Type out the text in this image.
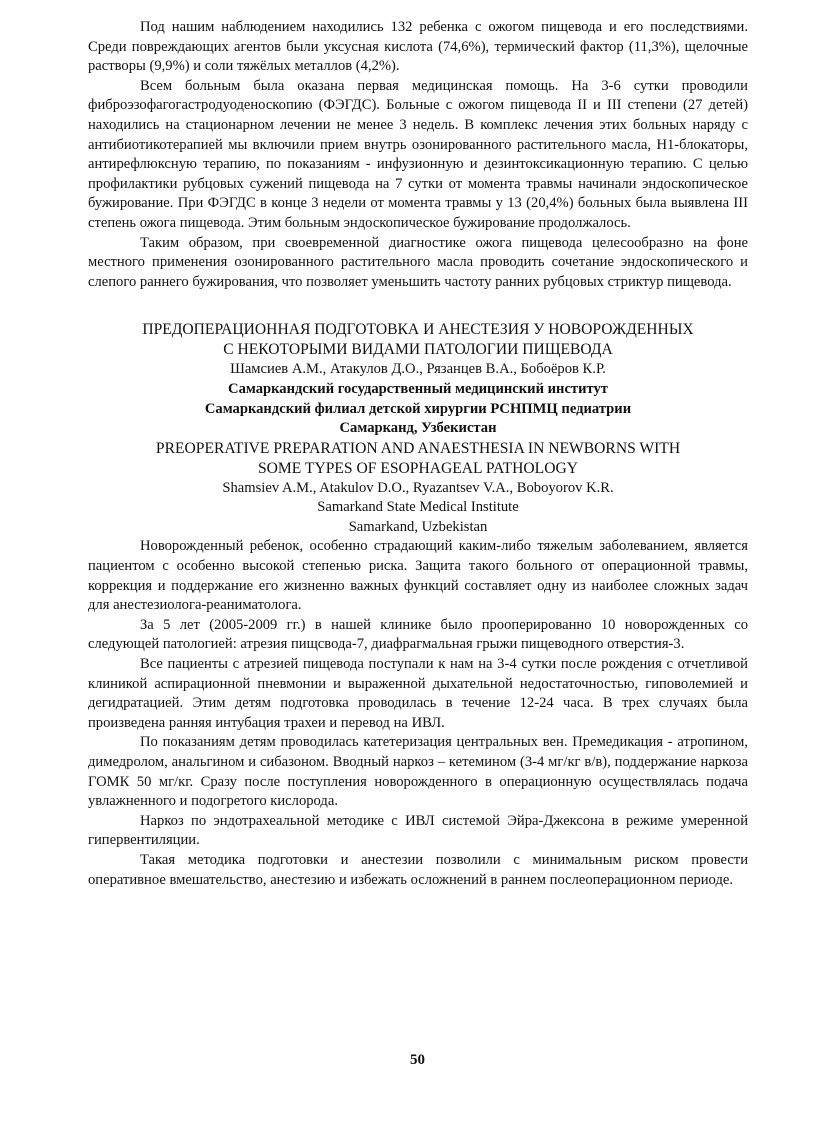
Под нашим наблюдением находились 132 ребенка с ожогом пищевода и его последствиями. Среди повреждающих агентов были уксусная кислота (74,6%), термический фактор (11,3%), щелочные растворы (9,9%) и соли тяжёлых металлов (4,2%).

Всем больным была оказана первая медицинская помощь. На 3-6 сутки проводили фиброэзофагогастродуоденоскопию (ФЭГДС). Больные с ожогом пищевода II и III степени (27 детей) находились на стационарном лечении не менее 3 недель. В комплекс лечения этих больных наряду с антибиотикотерапией мы включили прием внутрь озонированного растительного масла, Н1-блокаторы, антирефлюксную терапию, по показаниям - инфузионную и дезинтоксикационную терапию. С целью профилактики рубцовых сужений пищевода на 7 сутки от момента травмы начинали эндоскопическое бужирование. При ФЭГДС в конце 3 недели от момента травмы у 13 (20,4%) больных была выявлена III степень ожога пищевода. Этим больным эндоскопическое бужирование продолжалось.

Таким образом, при своевременной диагностике ожога пищевода целесообразно на фоне местного применения озонированного растительного масла проводить сочетание эндоскопического и слепого раннего бужирования, что позволяет уменьшить частоту ранних рубцовых стриктур пищевода.

ПРЕДОПЕРАЦИОННАЯ ПОДГОТОВКА И АНЕСТЕЗИЯ У НОВОРОЖДЕННЫХ
С НЕКОТОРЫМИ ВИДАМИ ПАТОЛОГИИ ПИЩЕВОДА
Шамсиев А.М., Атакулов Д.О., Рязанцев В.А., Бобоёров К.Р.
Самаркандский государственный медицинский институт
Самаркандский филиал детской хирургии РСНПМЦ педиатрии
Самарканд, Узбекистан
PREOPERATIVE PREPARATION AND ANAESTHESIA IN NEWBORNS WITH
SOME TYPES OF ESOPHAGEAL PATHOLOGY
Shamsiev A.M., Atakulov D.O., Ryazantsev V.A., Boboyorov K.R.
Samarkand State Medical Institute
Samarkand, Uzbekistan

Новорожденный ребенок, особенно страдающий каким-либо тяжелым заболеванием, является пациентом с особенно высокой степенью риска. Защита такого больного от операционной травмы, коррекция и поддержание его жизненно важных функций составляет одну из наиболее сложных задач для анестезиолога-реаниматолога.

За 5 лет (2005-2009 гг.) в нашей клинике было прооперированно 10 новорожденных со следующей патологией: атрезия пищсвода-7, диафрагмальная грыжи пищеводного отверстия-3.

Все пациенты с атрезией пищевода поступали к нам на 3-4 сутки после рождения с отчетливой клиникой аспирационной пневмонии и выраженной дыхательной недостаточностью, гиповолемией и дегидратацией. Этим детям подготовка проводилась в течение 12-24 часа. В трех случаях была произведена ранняя интубация трахеи и перевод на ИВЛ.

По показаниям детям проводилась катетеризация центральных вен. Премедикация - атропином, димедролом, анальгином и сибазоном. Вводный наркоз – кетемином (3-4 мг/кг в/в), поддержание наркоза ГОМК 50 мг/кг. Сразу после поступления новорожденного в операционную осуществлялась подача увлажненного и подогретого кислорода.

Наркоз по эндотрахеальной методике с ИВЛ системой Эйра-Джексона в режиме умеренной гипервентиляции.

Такая методика подготовки и анестезии позволили с минимальным риском провести оперативное вмешательство, анестезию и избежать осложнений в раннем послеоперационном периоде.

50
